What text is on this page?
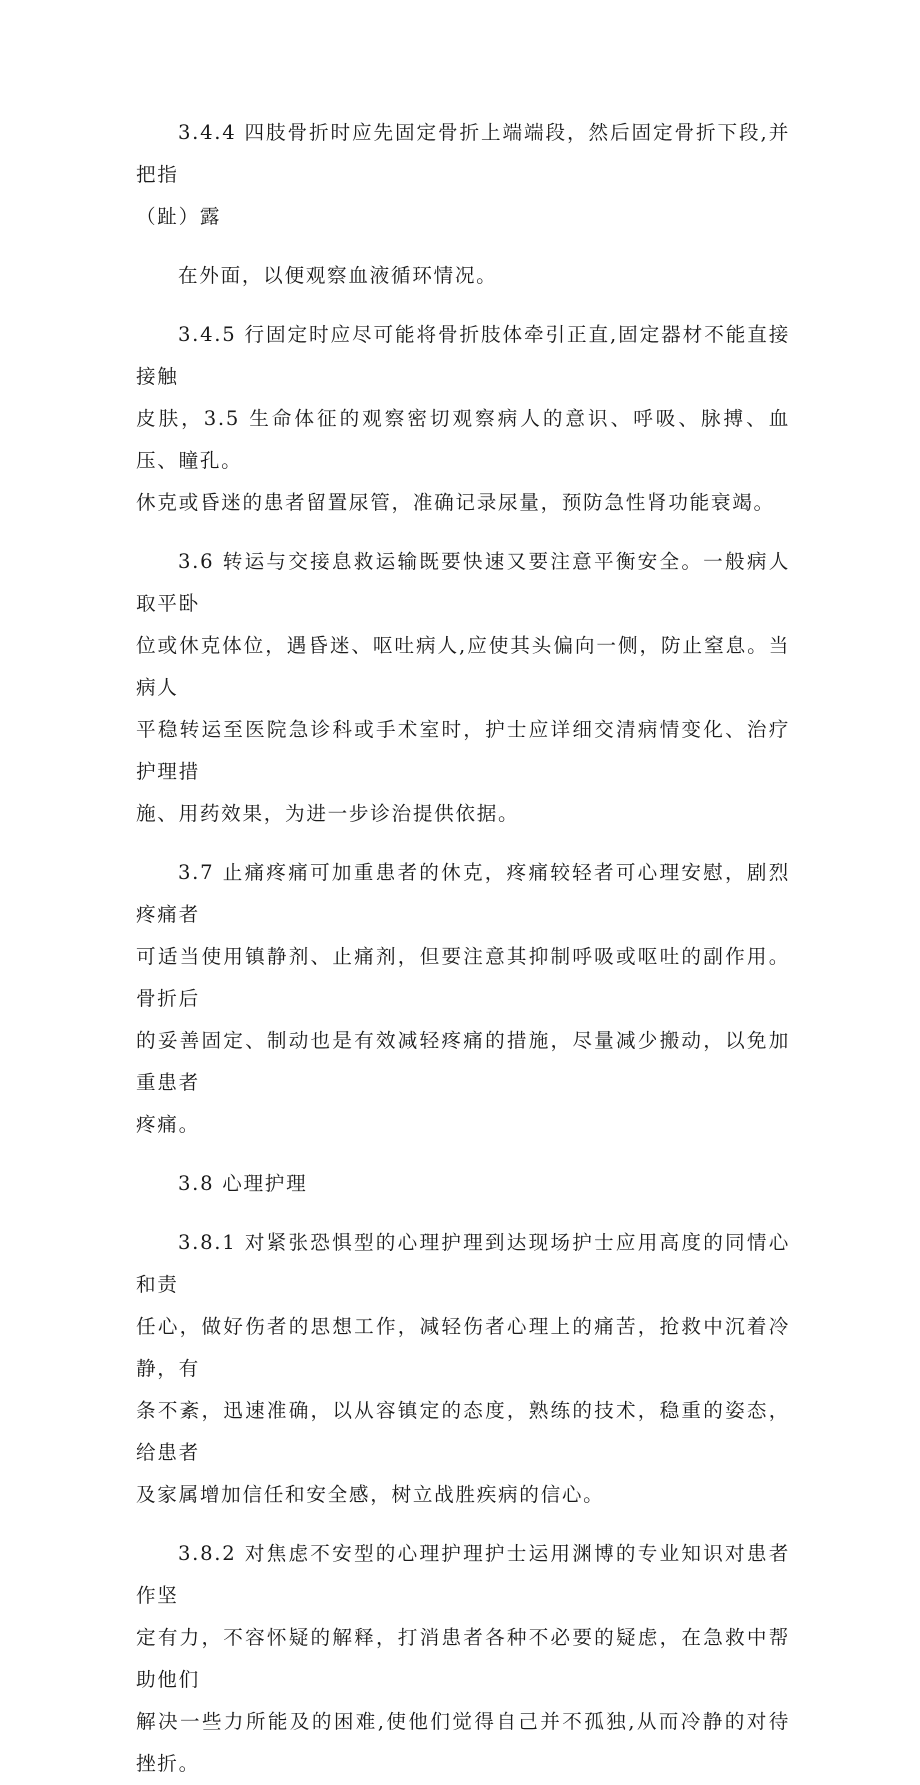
3.4.4 四肢骨折时应先固定骨折上端端段，然后固定骨折下段,并把指
（趾）露

在外面，以便观察血液循环情况。

3.4.5 行固定时应尽可能将骨折肢体牵引正直,固定器材不能直接接触
皮肤，3.5 生命体征的观察密切观察病人的意识、呼吸、脉搏、血压、瞳孔。
休克或昏迷的患者留置尿管，准确记录尿量，预防急性肾功能衰竭。

3.6 转运与交接息救运输既要快速又要注意平衡安全。一般病人取平卧
位或休克体位，遇昏迷、呕吐病人,应使其头偏向一侧，防止窒息。当病人
平稳转运至医院急诊科或手术室时，护士应详细交清病情变化、治疗护理措
施、用药效果，为进一步诊治提供依据。

3.7 止痛疼痛可加重患者的休克，疼痛较轻者可心理安慰，剧烈疼痛者
可适当使用镇静剂、止痛剂，但要注意其抑制呼吸或呕吐的副作用。骨折后
的妥善固定、制动也是有效减轻疼痛的措施，尽量减少搬动，以免加重患者
疼痛。

3.8 心理护理

3.8.1 对紧张恐惧型的心理护理到达现场护士应用高度的同情心和责
任心，做好伤者的思想工作，减轻伤者心理上的痛苦，抢救中沉着冷静，有
条不紊，迅速准确，以从容镇定的态度，熟练的技术，稳重的姿态，给患者
及家属增加信任和安全感，树立战胜疾病的信心。

3.8.2 对焦虑不安型的心理护理护士运用渊博的专业知识对患者作坚
定有力，不容怀疑的解释，打消患者各种不必要的疑虑，在急救中帮助他们
解决一些力所能及的困难,使他们觉得自己并不孤独,从而冷静的对待挫折。
